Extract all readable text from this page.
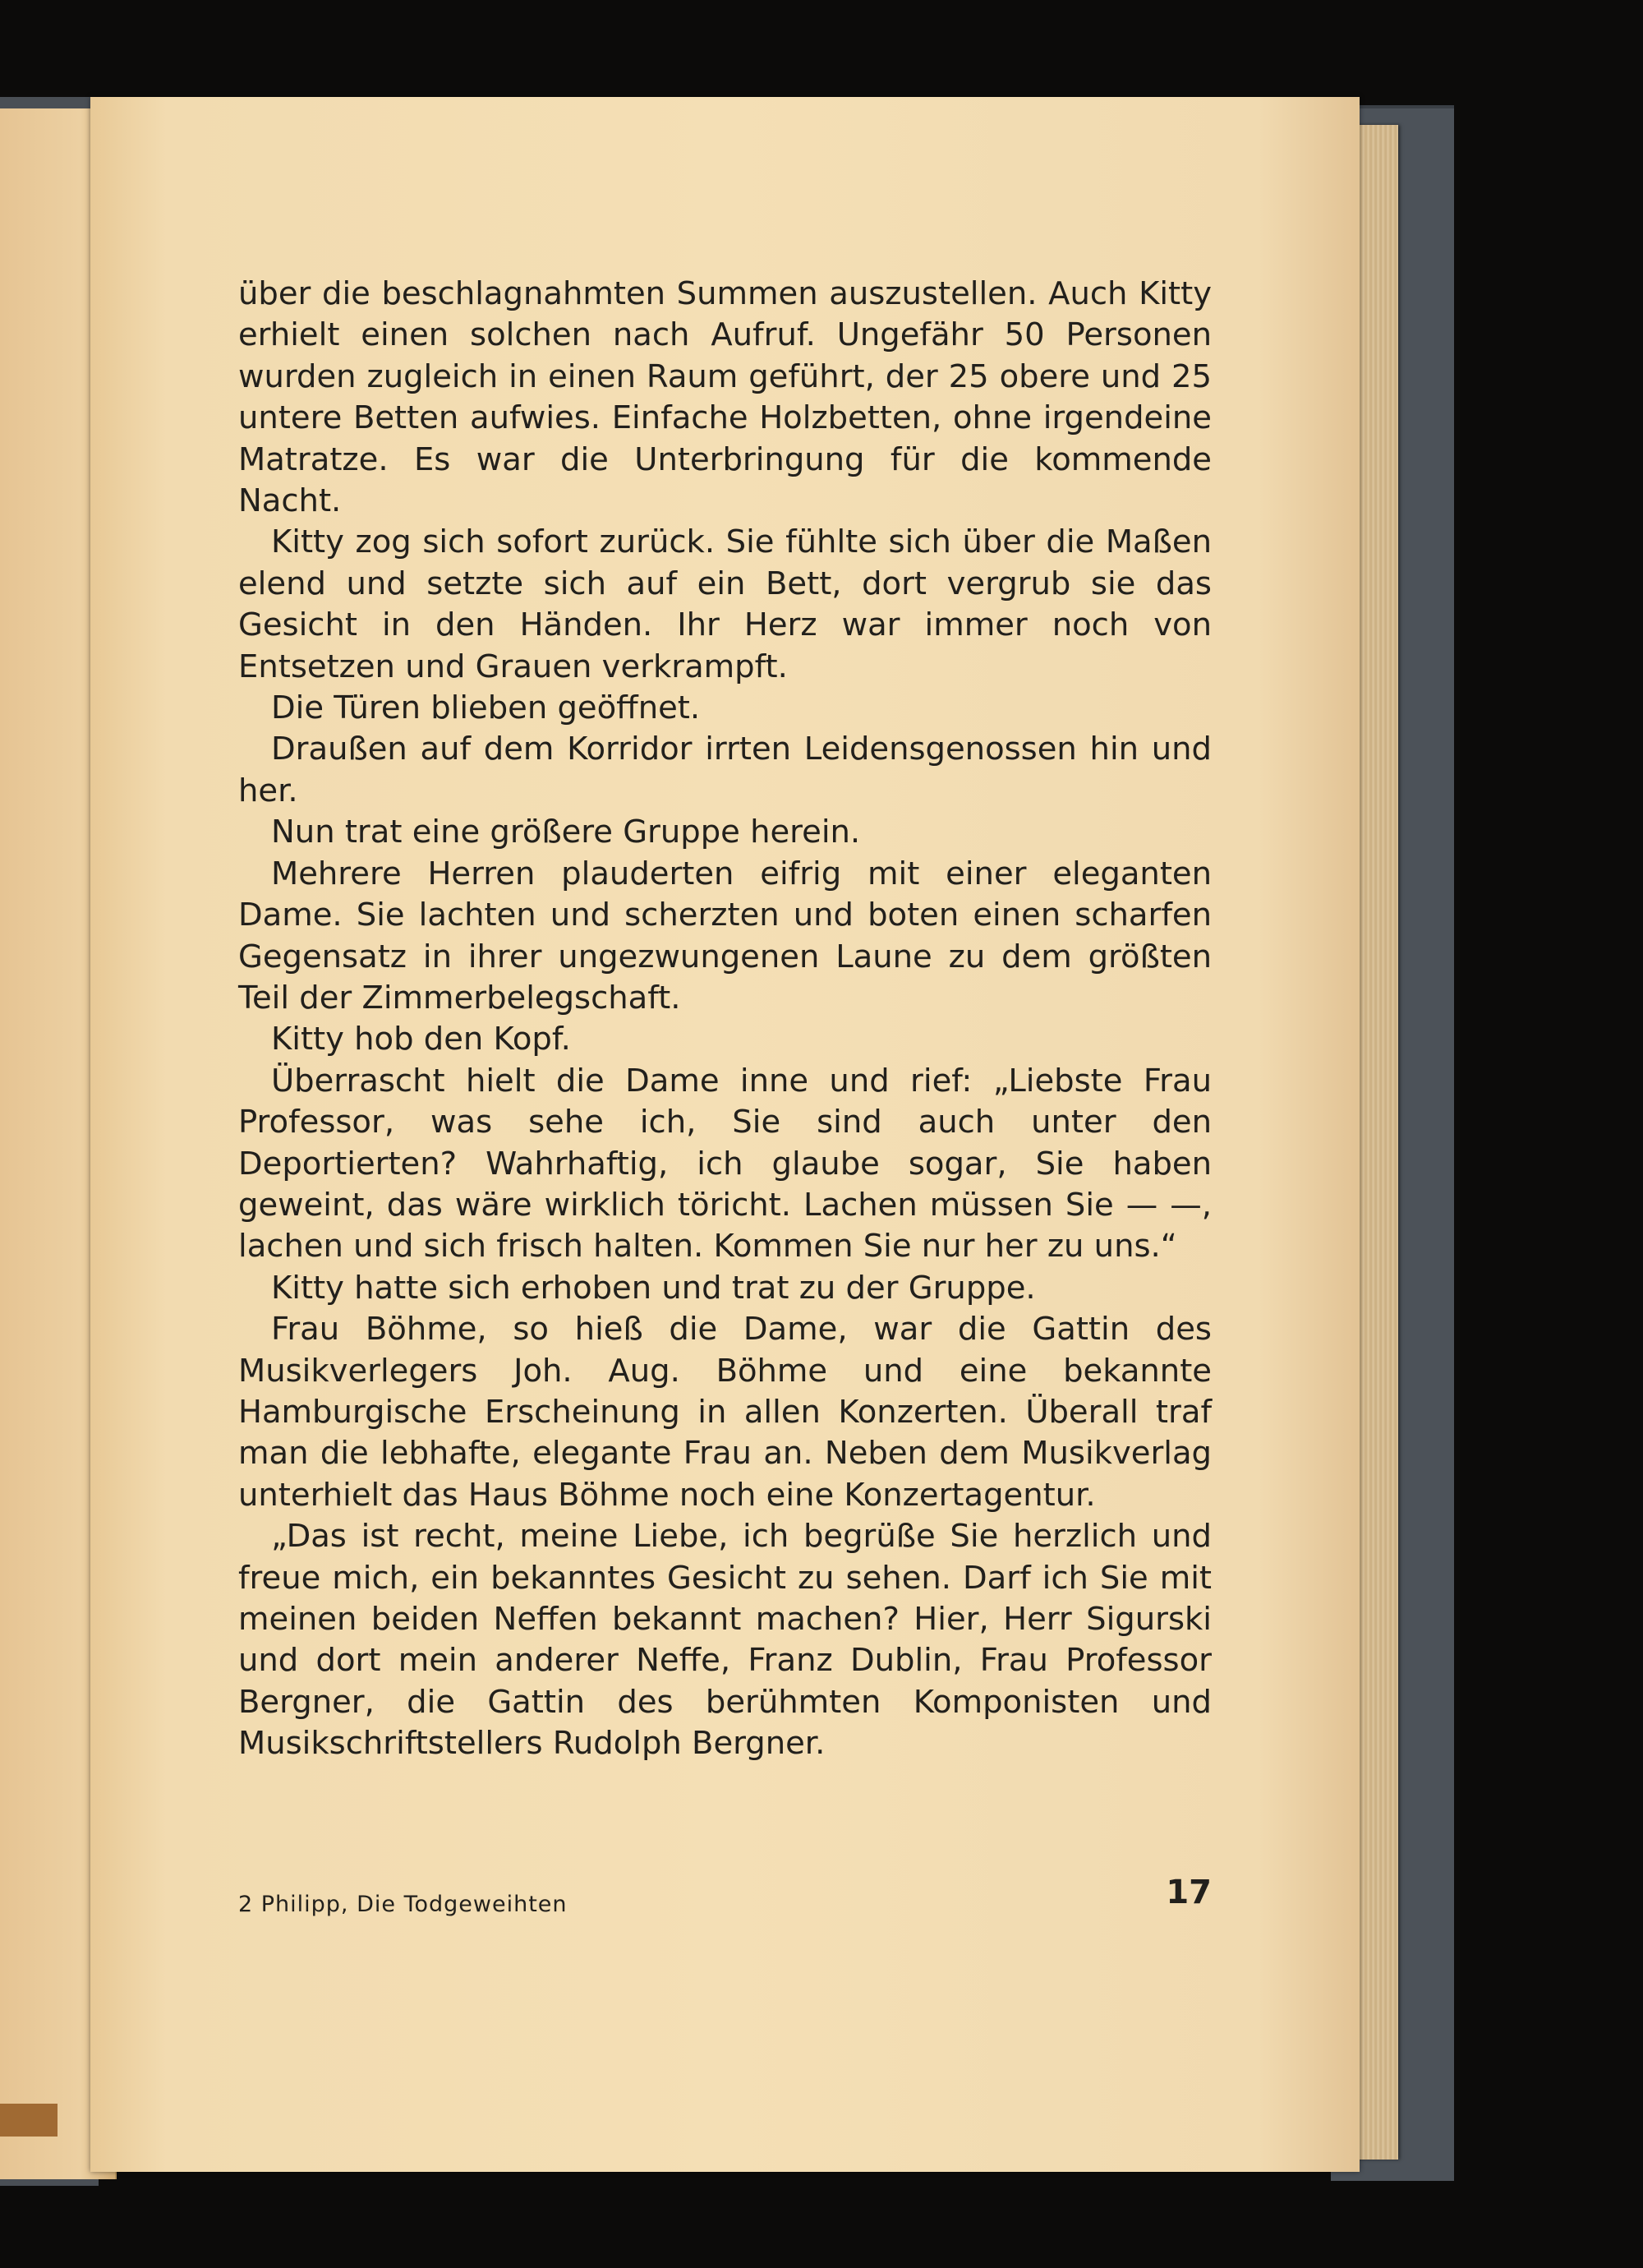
über die beschlagnahmten Summen auszustellen. Auch Kitty erhielt einen solchen nach Aufruf. Ungefähr 50 Personen wurden zugleich in einen Raum geführt, der 25 obere und 25 untere Betten aufwies. Einfache Holzbetten, ohne irgendeine Matratze. Es war die Unterbringung für die kommende Nacht.

Kitty zog sich sofort zurück. Sie fühlte sich über die Maßen elend und setzte sich auf ein Bett, dort vergrub sie das Gesicht in den Händen. Ihr Herz war immer noch von Entsetzen und Grauen verkrampft.

Die Türen blieben geöffnet.

Draußen auf dem Korridor irrten Leidensgenossen hin und her.

Nun trat eine größere Gruppe herein.

Mehrere Herren plauderten eifrig mit einer eleganten Dame. Sie lachten und scherzten und boten einen scharfen Gegensatz in ihrer ungezwungenen Laune zu dem größten Teil der Zimmerbelegschaft.

Kitty hob den Kopf.

Überrascht hielt die Dame inne und rief: „Liebste Frau Professor, was sehe ich, Sie sind auch unter den Deportierten? Wahrhaftig, ich glaube sogar, Sie haben geweint, das wäre wirklich töricht. Lachen müssen Sie — —, lachen und sich frisch halten. Kommen Sie nur her zu uns.“

Kitty hatte sich erhoben und trat zu der Gruppe.

Frau Böhme, so hieß die Dame, war die Gattin des Musikverlegers Joh. Aug. Böhme und eine bekannte Hamburgische Erscheinung in allen Konzerten. Überall traf man die lebhafte, elegante Frau an. Neben dem Musikverlag unterhielt das Haus Böhme noch eine Konzertagentur.

„Das ist recht, meine Liebe, ich begrüße Sie herzlich und freue mich, ein bekanntes Gesicht zu sehen. Darf ich Sie mit meinen beiden Neffen bekannt machen? Hier, Herr Sigurski und dort mein anderer Neffe, Franz Dublin, Frau Professor Bergner, die Gattin des berühmten Komponisten und Musikschriftstellers Rudolph Bergner.

2 Philipp, Die Todgeweihten	17
